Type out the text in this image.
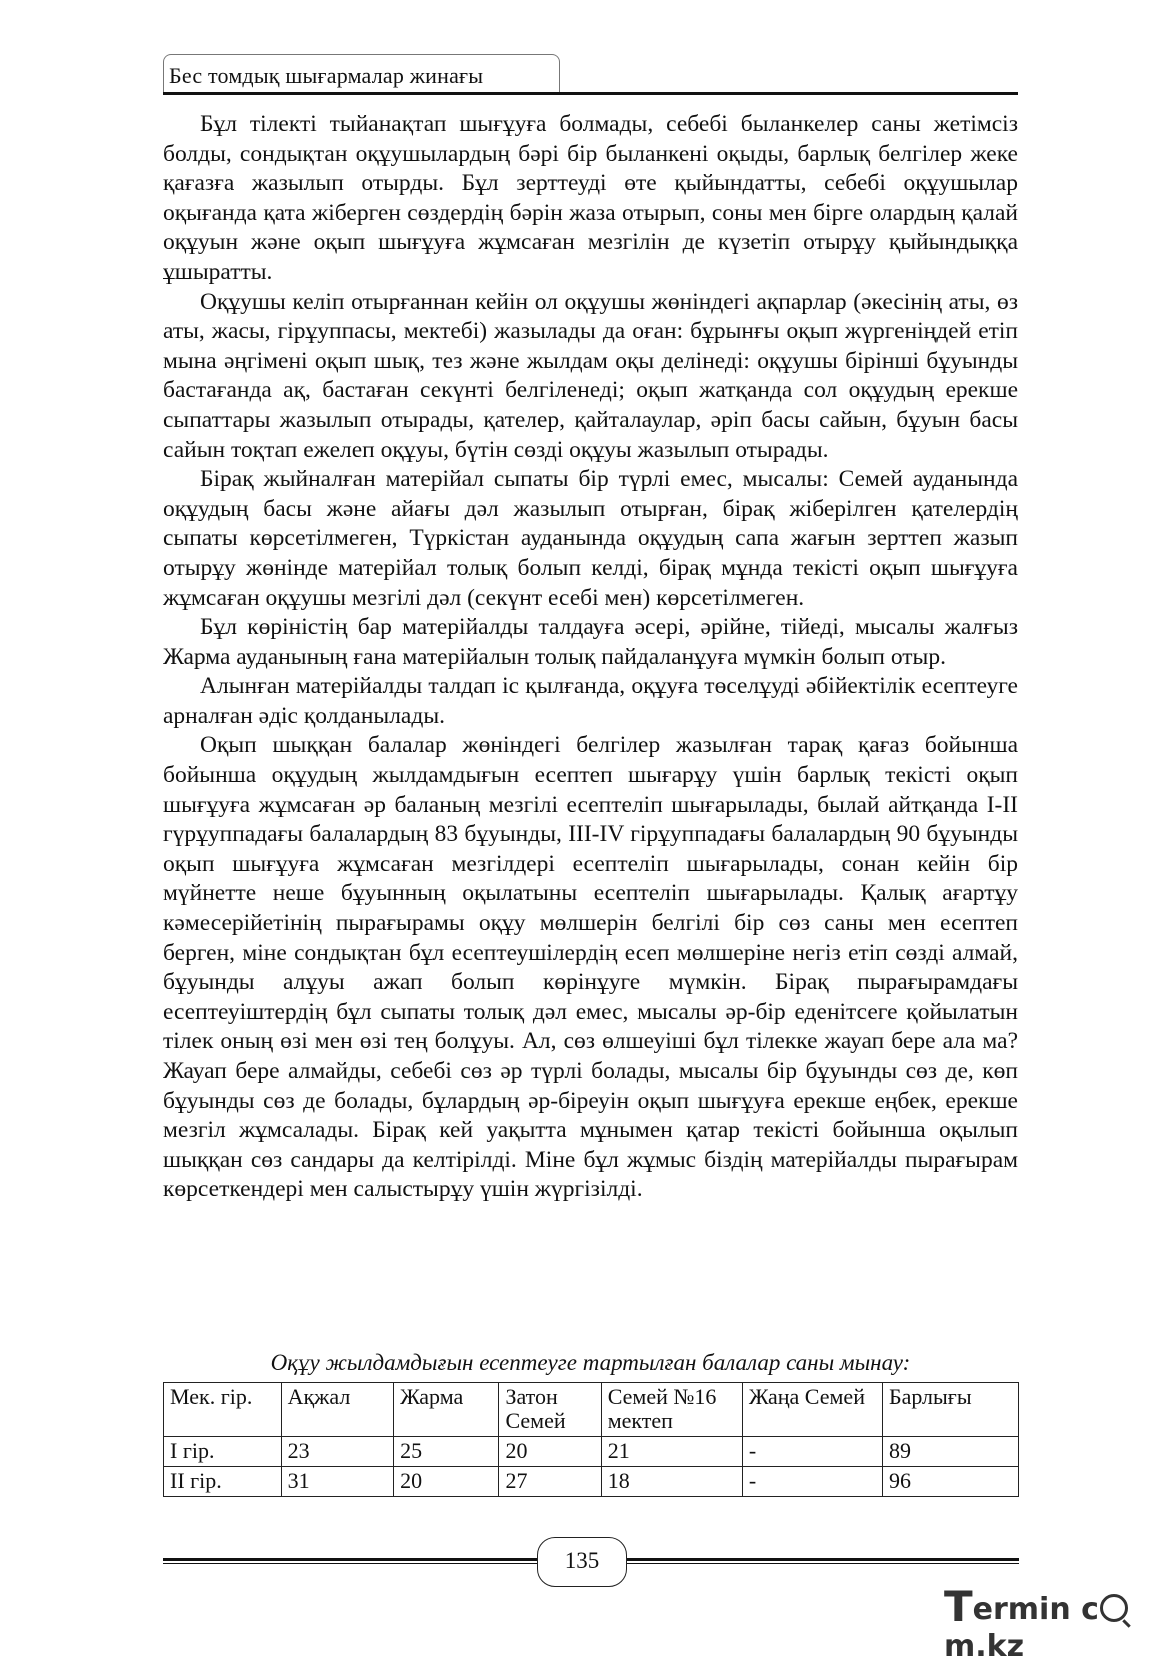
Бес томдық шығармалар жинағы

Бұл тілекті тыйанақтап шығұуға болмады, себебі быланкелер саны жетімсіз болды, сондықтан оқұушылардың бәрі бір быланкені оқыды, барлық белгілер жеке қағазға жазылып отырды. Бұл зерттеуді өте қыйындатты, себебі оқұушылар оқығанда қата жіберген сөздердің бәрін жаза отырып, соны мен бірге олардың қалай оқұуын және оқып шығұуға жұмсаған мезгілін де күзетіп отырұу қыйындыққа ұшыратты.

Оқұушы келіп отырғаннан кейін ол оқұушы жөніндегі ақпарлар (әкесінің аты, өз аты, жасы, гірұуппасы, мектебі) жазылады да оған: бұрынғы оқып жүргеніңдей етіп мына әңгімені оқып шық, тез және жылдам оқы делінеді: оқұушы бірінші бұуынды бастағанда ақ, бастаған секүнті белгіленеді; оқып жатқанда сол оқұудың ерекше сыпаттары жазылып отырады, қателер, қайталаулар, әріп басы сайын, бұуын басы сайын тоқтап ежелеп оқұуы, бүтін сөзді оқұуы жазылып отырады.

Бірақ жыйналған матерійал сыпаты бір түрлі емес, мысалы: Семей ауданында оқұудың басы және айағы дәл жазылып отырған, бірақ жіберілген қателердің сыпаты көрсетілмеген, Түркістан ауданында оқұудың сапа жағын зерттеп жазып отырұу жөнінде матерійал толық болып келді, бірақ мұнда текісті оқып шығұуға жұмсаған оқұушы мезгілі дәл (секүнт есебі мен) көрсетілмеген.

Бұл көріністің бар матерійалды талдауға әсері, әрійне, тійеді, мысалы жалғыз Жарма ауданының ғана матерійалын толық пайдаланұуға мүмкін болып отыр.

Алынған матерійалды талдап іс қылғанда, оқұуға төселұуді әбійектілік есептеуге арналған әдіс қолданылады.

Оқып шыққан балалар жөніндегі белгілер жазылған тарақ қағаз бойынша бойынша оқұудың жылдамдығын есептеп шығарұу үшін барлық текісті оқып шығұуға жұмсаған әр баланың мезгілі есептеліп шығарылады, былай айтқанда I-II гүрұуппадағы балалардың 83 бұуынды, III-IV гірұуппадағы балалардың 90 бұуынды оқып шығұуға жұмсаған мезгілдері есептеліп шығарылады, сонан кейін бір мүйнетте неше бұуынның оқылатыны есептеліп шығарылады. Қалық ағартұу кәмесерійетінің пырағырамы оқұу мөлшерін белгілі бір сөз саны мен есептеп берген, міне сондықтан бұл есептеушілердің есеп мөлшеріне негіз етіп сөзді алмай, бұуынды алұуы ажап болып көрінұуге мүмкін. Бірақ пырағырамдағы есептеуіштердің бұл сыпаты толық дәл емес, мысалы әр-бір еденітсеге қойылатын тілек оның өзі мен өзі тең болұуы. Ал, сөз өлшеуіші бұл тілекке жауап бере ала ма? Жауап бере алмайды, себебі сөз әр түрлі болады, мысалы бір бұуынды сөз де, көп бұуынды сөз де болады, бұлардың әр-біреуін оқып шығұуға ерекше еңбек, ерекше мезгіл жұмсалады. Бірақ кей уақытта мұнымен қатар текісті бойынша оқылып шыққан сөз сандары да келтірілді. Міне бұл жұмыс біздің матерійалды пырағырам көрсеткендері мен салыстырұу үшін жүргізілді.

Оқұу жылдамдығын есептеуге тартылған балалар саны мынау:
Мек. гір.	Ақжал	Жарма	Затон Семей	Семей №16 мектеп	Жаңа Семей	Барлығы
I гір.	23	25	20	21	-	89
II гір.	31	20	27	18	-	96
135
Termin cm.kz
